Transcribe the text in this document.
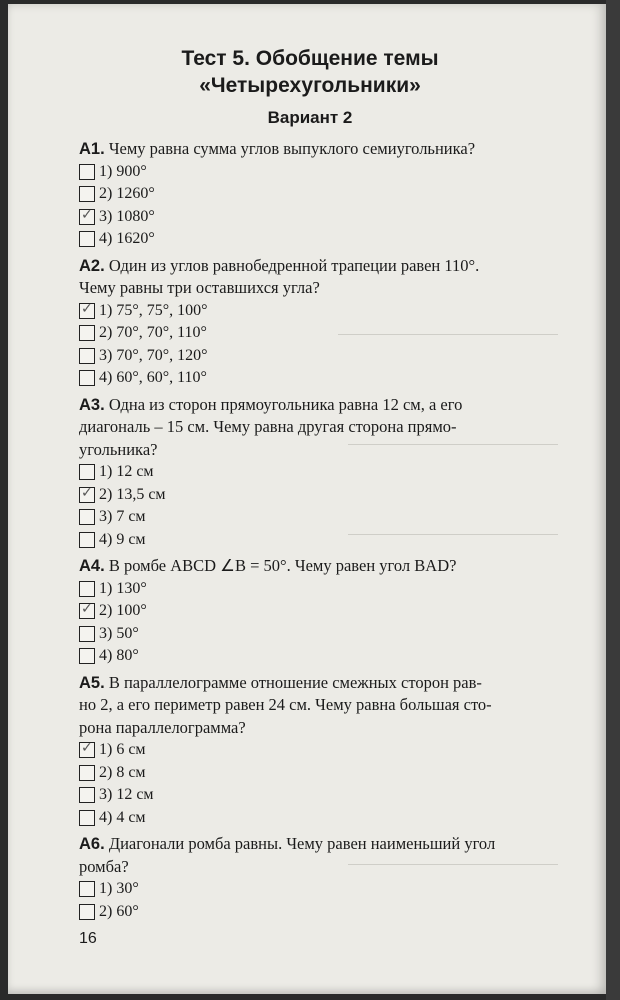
Тест 5. Обобщение темы
«Четырехугольники»
Вариант 2

А1. Чему равна сумма углов выпуклого семиугольника?

1) 900°
2) 1260°
✓ 3) 1080°
4) 1620°

А2. Один из углов равнобедренной трапеции равен 110°.

Чему равны три оставшихся угла?

✓ 1) 75°, 75°, 100°
2) 70°, 70°, 110°
3) 70°, 70°, 120°
4) 60°, 60°, 110°

А3. Одна из сторон прямоугольника равна 12 см, а его

диагональ – 15 см. Чему равна другая сторона прямо-

угольника?

1) 12 см
✓ 2) 13,5 см
3) 7 см
4) 9 см

А4. В ромбе ABCD ∠B = 50°. Чему равен угол BAD?

1) 130°
✓ 2) 100°
3) 50°
4) 80°

А5. В параллелограмме отношение смежных сторон рав-

но 2, а его периметр равен 24 см. Чему равна большая сто-

рона параллелограмма?

✓ 1) 6 см
2) 8 см
3) 12 см
4) 4 см

А6. Диагонали ромба равны. Чему равен наименьший угол

ромба?

1) 30°
2) 60°
16
